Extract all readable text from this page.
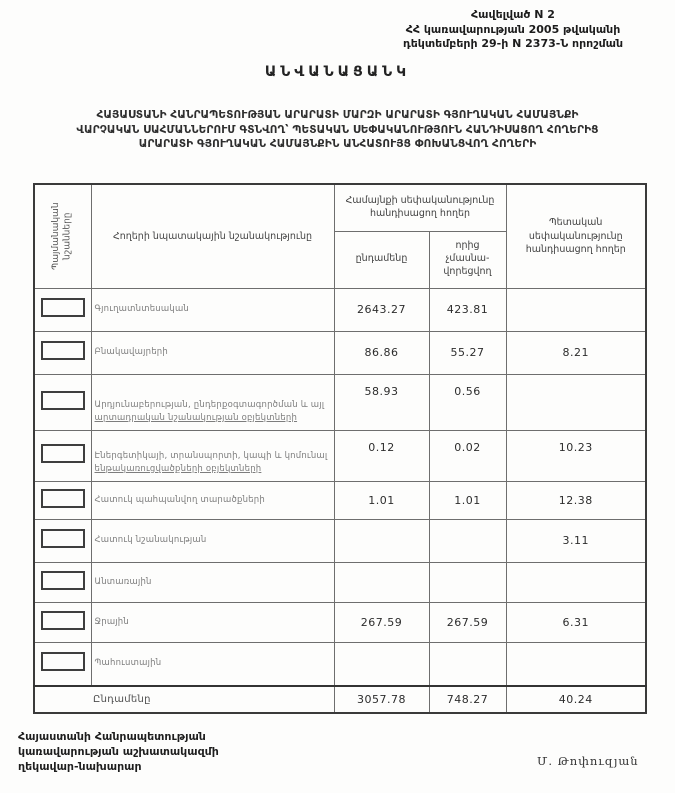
Հավելված N 2
ՀՀ կառավարության 2005 թվականի
դեկտեմբերի 29-ի N 2373-Ն որոշման
ԱՆՎԱՆԱՑԱՆԿ
ՀԱՅԱՍՏԱՆԻ ՀԱՆՐԱՊԵՏՈՒԹՅԱՆ ԱՐԱՐԱՏԻ ՄԱՐԶԻ ԱՐԱՐԱՏԻ ԳՅՈՒՂԱԿԱՆ ՀԱՄԱՅՆՔԻ
ՎԱՐՉԱԿԱՆ ՍԱՀՄԱՆՆԵՐՈՒՄ ԳՏՆՎՈՂ՝ ՊԵՏԱԿԱՆ ՍԵՓԱԿԱՆՈՒԹՅՈՒՆ ՀԱՆԴԻՍԱՑՈՂ ՀՈՂԵՐԻՑ
ԱՐԱՐԱՏԻ ԳՅՈՒՂԱԿԱՆ ՀԱՄԱՅՆՔԻՆ ԱՆՀԱՏՈՒՅՑ ՓՈԽԱՆՑՎՈՂ ՀՈՂԵՐԻ
Պայմանական նշանները	Հողերի նպատակային նշանակությունը	Համայնքի սեփականությունը հանդիսացող հողեր		Պետական սեփականությունը հանդիսացող հողեր
		ընդամենը	որից չմասնա-վորեցվող	
	Գյուղատնտեսական	2643.27	423.81	
	Բնակավայրերի	86.86	55.27	8.21
	Արդյունաբերության, ընդերքօգտագործման և այլ
արտադրական նշանակության օբյեկտների	58.93	0.56	
	Էներգետիկայի, տրանսպորտի, կապի և կոմունալ
ենթակառուցվածքների օբյեկտների	0.12	0.02	10.23
	Հատուկ պահպանվող տարածքների	1.01	1.01	12.38
	Հատուկ նշանակության			3.11
	Անտառային

	Ջրային	267.59	267.59	6.31
	Պահուստային

Ընդամենը		3057.78	748.27	40.24
Հայաստանի Հանրապետության
կառավարության աշխատակազմի
ղեկավար-նախարար	Մ. Թոփուզյան
